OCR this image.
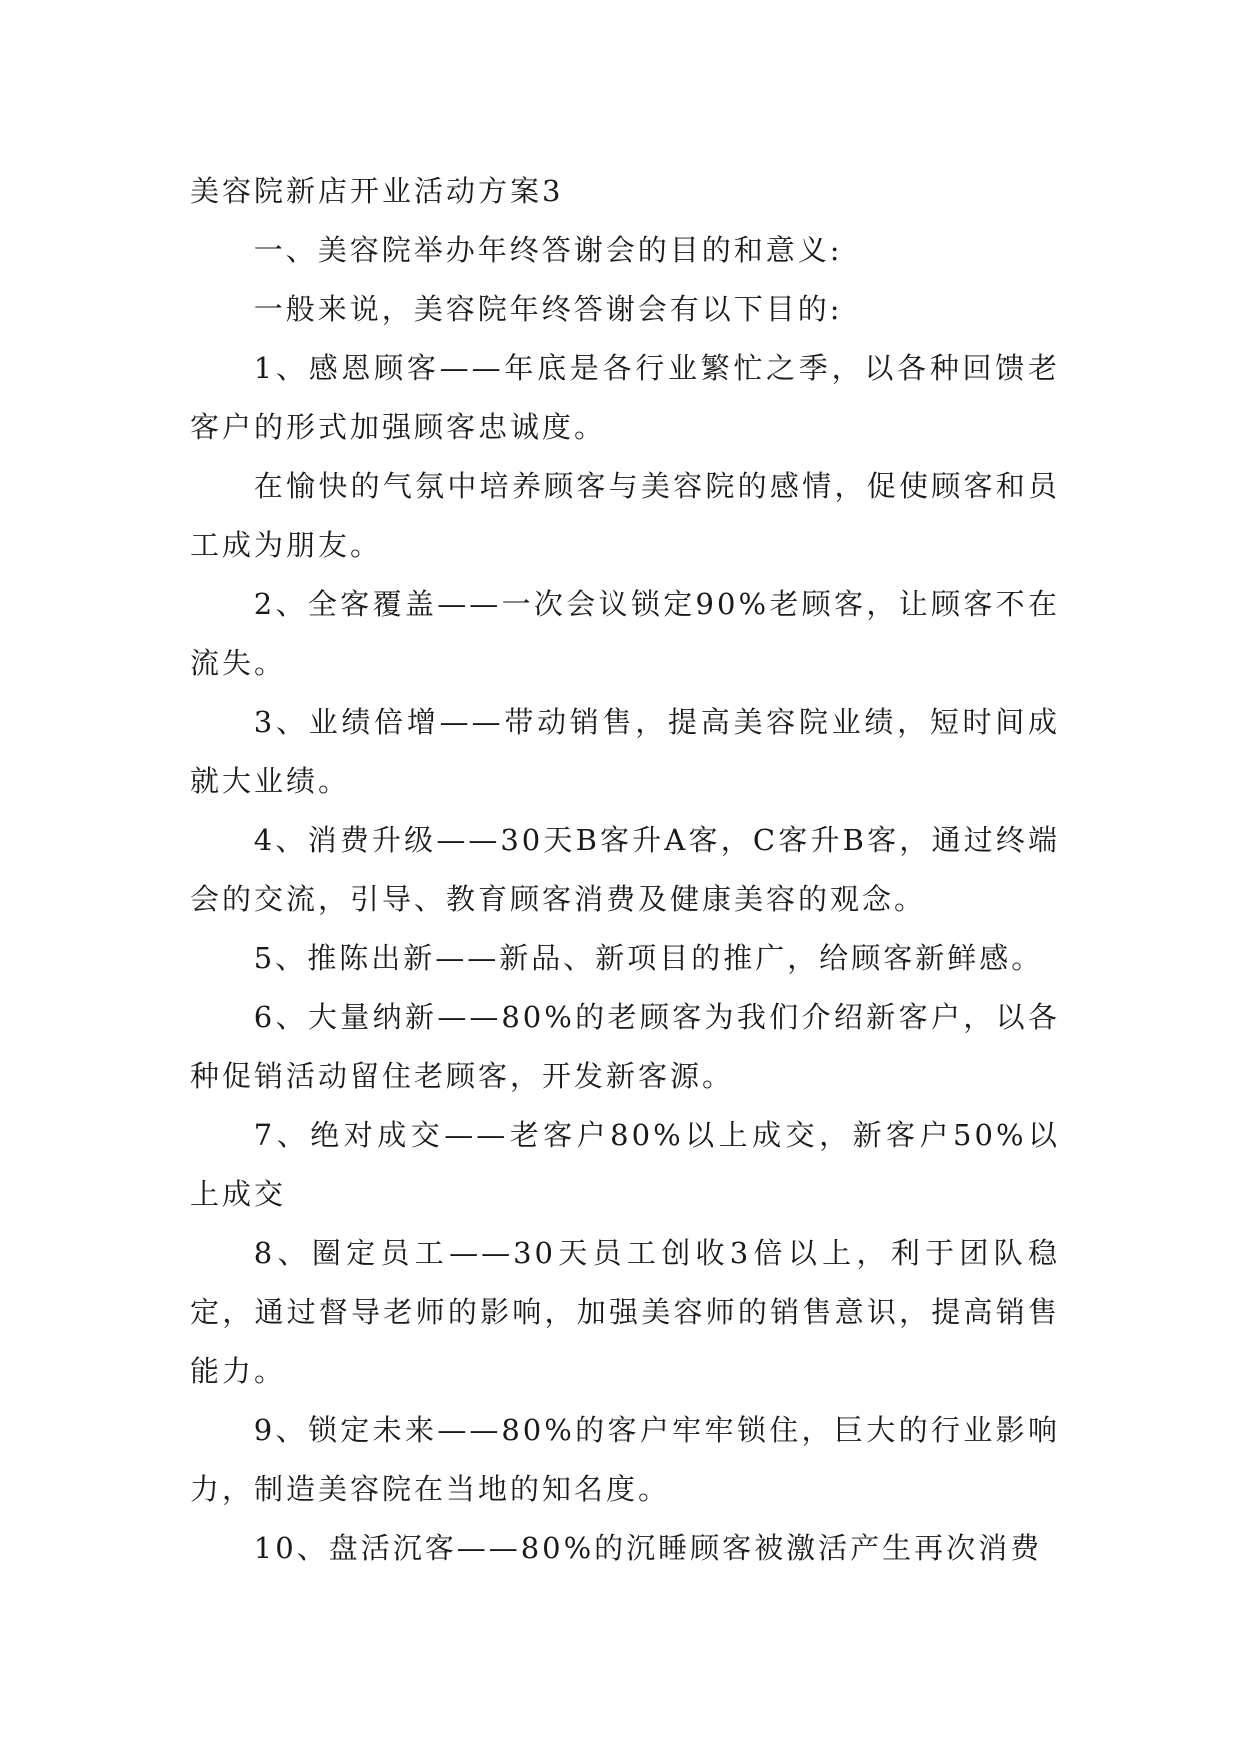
美容院新店开业活动方案3

一、美容院举办年终答谢会的目的和意义:

一般来说，美容院年终答谢会有以下目的:

1、感恩顾客——年底是各行业繁忙之季，以各种回馈老客户的形式加强顾客忠诚度。

在愉快的气氛中培养顾客与美容院的感情，促使顾客和员工成为朋友。

2、全客覆盖——一次会议锁定90%老顾客，让顾客不在流失。

3、业绩倍增——带动销售，提高美容院业绩，短时间成就大业绩。

4、消费升级——30天B客升A客，C客升B客，通过终端会的交流，引导、教育顾客消费及健康美容的观念。

5、推陈出新——新品、新项目的推广，给顾客新鲜感。

6、大量纳新——80%的老顾客为我们介绍新客户，以各种促销活动留住老顾客，开发新客源。

7、绝对成交——老客户80%以上成交，新客户50%以上成交

8、圈定员工——30天员工创收3倍以上，利于团队稳定，通过督导老师的影响，加强美容师的销售意识，提高销售能力。

9、锁定未来——80%的客户牢牢锁住，巨大的行业影响力，制造美容院在当地的知名度。

10、盘活沉客——80%的沉睡顾客被激活产生再次消费
